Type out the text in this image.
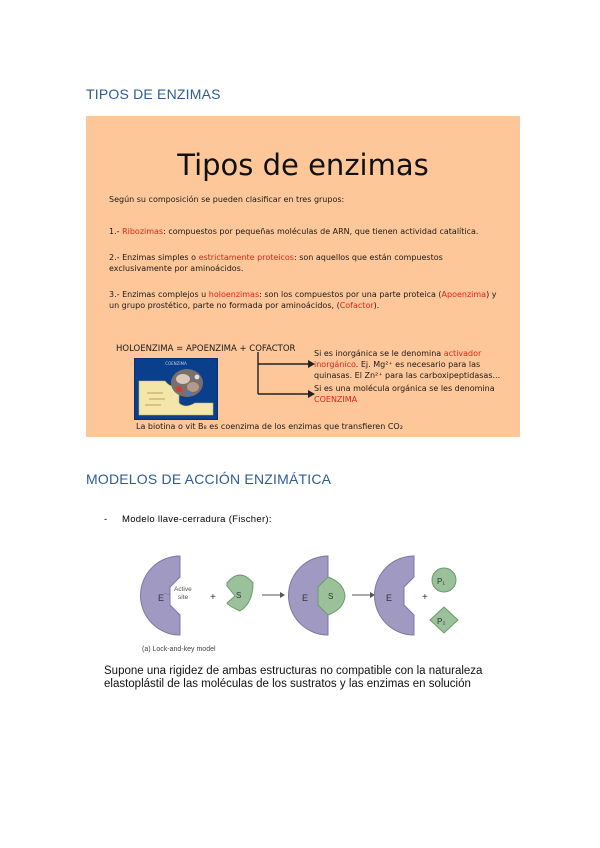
TIPOS DE ENZIMAS
Tipos de enzimas
Según su composición se pueden clasificar en tres grupos:
1.- Ribozimas: compuestos por pequeñas moléculas de ARN, que tienen actividad catalítica.
2.- Enzimas simples o estrictamente proteicos: son aquellos que están compuestos exclusivamente por aminoácidos.
3.- Enzimas complejos u holoenzimas: son los compuestos por una parte proteica (Apoenzima) y un grupo prostético, parte no formada por aminoácidos, (Cofactor).
HOLOENZIMA = APOENZIMA + COFACTOR
COENZIMA
Si es inorgánica se le denomina activador inorgánico. Ej. Mg²⁺ es necesario para las quinasas. El Zn²⁺ para las carboxipeptidasas...
Si es una molécula orgánica se les denomina COENZIMA
La biotina o vit B₈ es coenzima de los enzimas que transfieren CO₂
MODELOS DE ACCIÓN ENZIMÁTICA
- Modelo llave-cerradura (Fischer):
E
Active
site +	S	E S	E	+
P₁
P₂
(a) Lock-and-key model
Supone una rigidez de ambas estructuras no compatible con la naturaleza elastoplástil de las moléculas de los sustratos y las enzimas en solución
